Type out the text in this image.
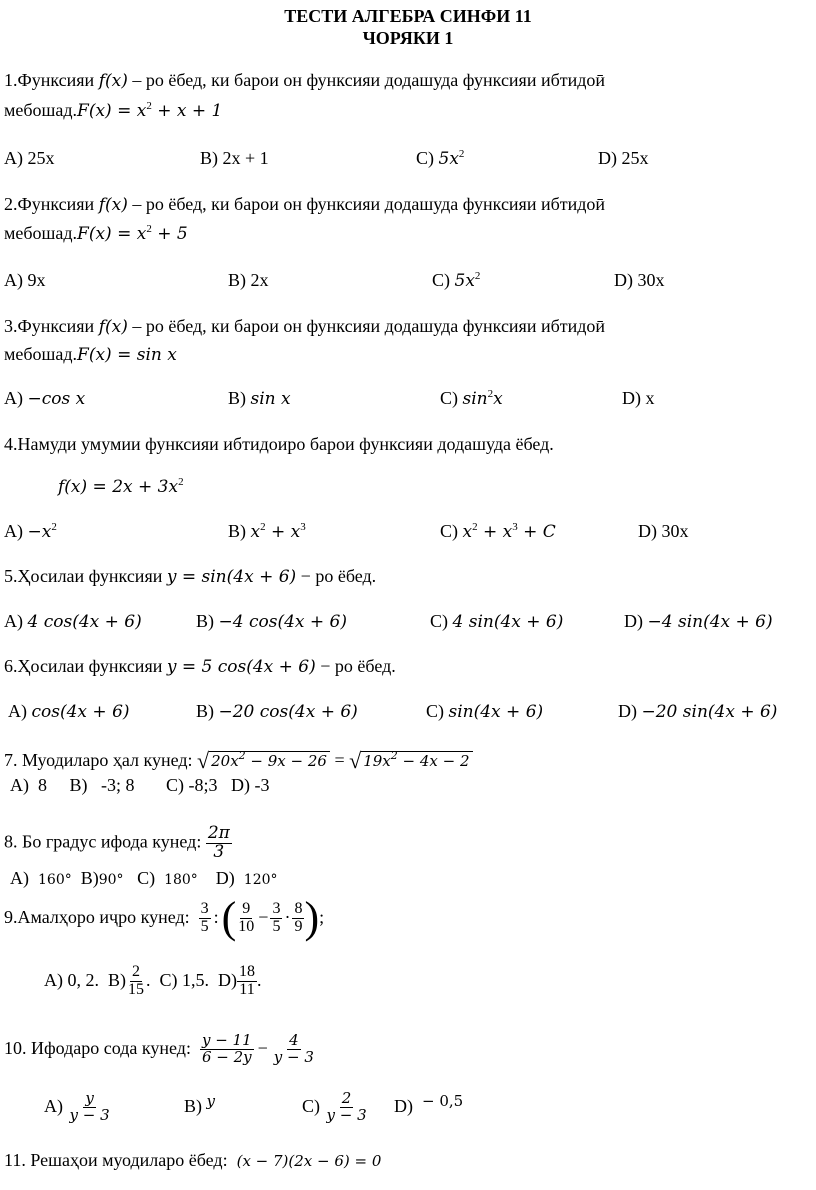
ТЕСТИ АЛГЕБРА СИНФИ 11
ЧОРЯКИ 1
1.Функсияи f(x) – ро ёбед, ки барои он функсияи додашуда функсияи ибтидоӣ
мебошад.F(x) = $x^2 + x + 1$
A) 25x	B) 2x + 1	C) $5x^2$	D) 25x
2.Функсияи f(x) – ро ёбед, ки барои он функсияи додашуда функсияи ибтидоӣ
мебошад.F(x) = $x^2 + 5$
A) 9x	B) 2x	C) $5x^2$	D) 30x
3.Функсияи f(x) – ро ёбед, ки барои он функсияи додашуда функсияи ибтидоӣ
мебошад.F(x) = sin x
A) −cos x	B) sin x	C) $\sin^2x$	D) x
4.Намуди умумии функсияи ибтидоиро барои функсияи додашуда ёбед.
$f(x) = 2x + 3x^2$
$A) -x^2$	B) $x^2 + x^3$	C) $x^2 + x^3 + C$	D) 30x
5.Ҳосилаи функсияи y = sin(4x + 6) − ро ёбед.
A) 4 cos(4x + 6)	B) −4 cos(4x + 6)	C) 4 sin(4x + 6)	D) −4 sin(4x + 6)
6.Ҳосилаи функсияи y = 5 cos(4x + 6) − ро ёбед.
A) cos(4x + 6)	B) −20 cos(4x + 6)	C) sin(4x + 6)	D) −20 sin(4x + 6)
7. Муодиларо ҳал кунед: √ $20x^2 - 9x - 26$ = √ $19x^2 - 4x - 2$
A)  8     B)   -3; 8       C) -8;3   D) -3
8. Бо градус ифода кунед: $\frac{2\pi}{3}$
A) 160° B)90° C) 180° D) 120°
9.Амалҳоро иҷро кунед:
3
5 : ( 9
$10 - \frac{3}{5} \cdot 8$
9 ) ;
A) 0, 2.
B) 2
15 .
C) 1,5.
D) 18
11 .
10. Ифодаро сода кунед:
y − 11
$6 - 2y - \frac{4}{y - 3}$
A)
y
y − 3	B) $^y$	C)
2
y − 3 D) $^{- 0,5}$
11. Решаҳои муодиларо ёбед: (x − 7)(2x − 6) = 0
